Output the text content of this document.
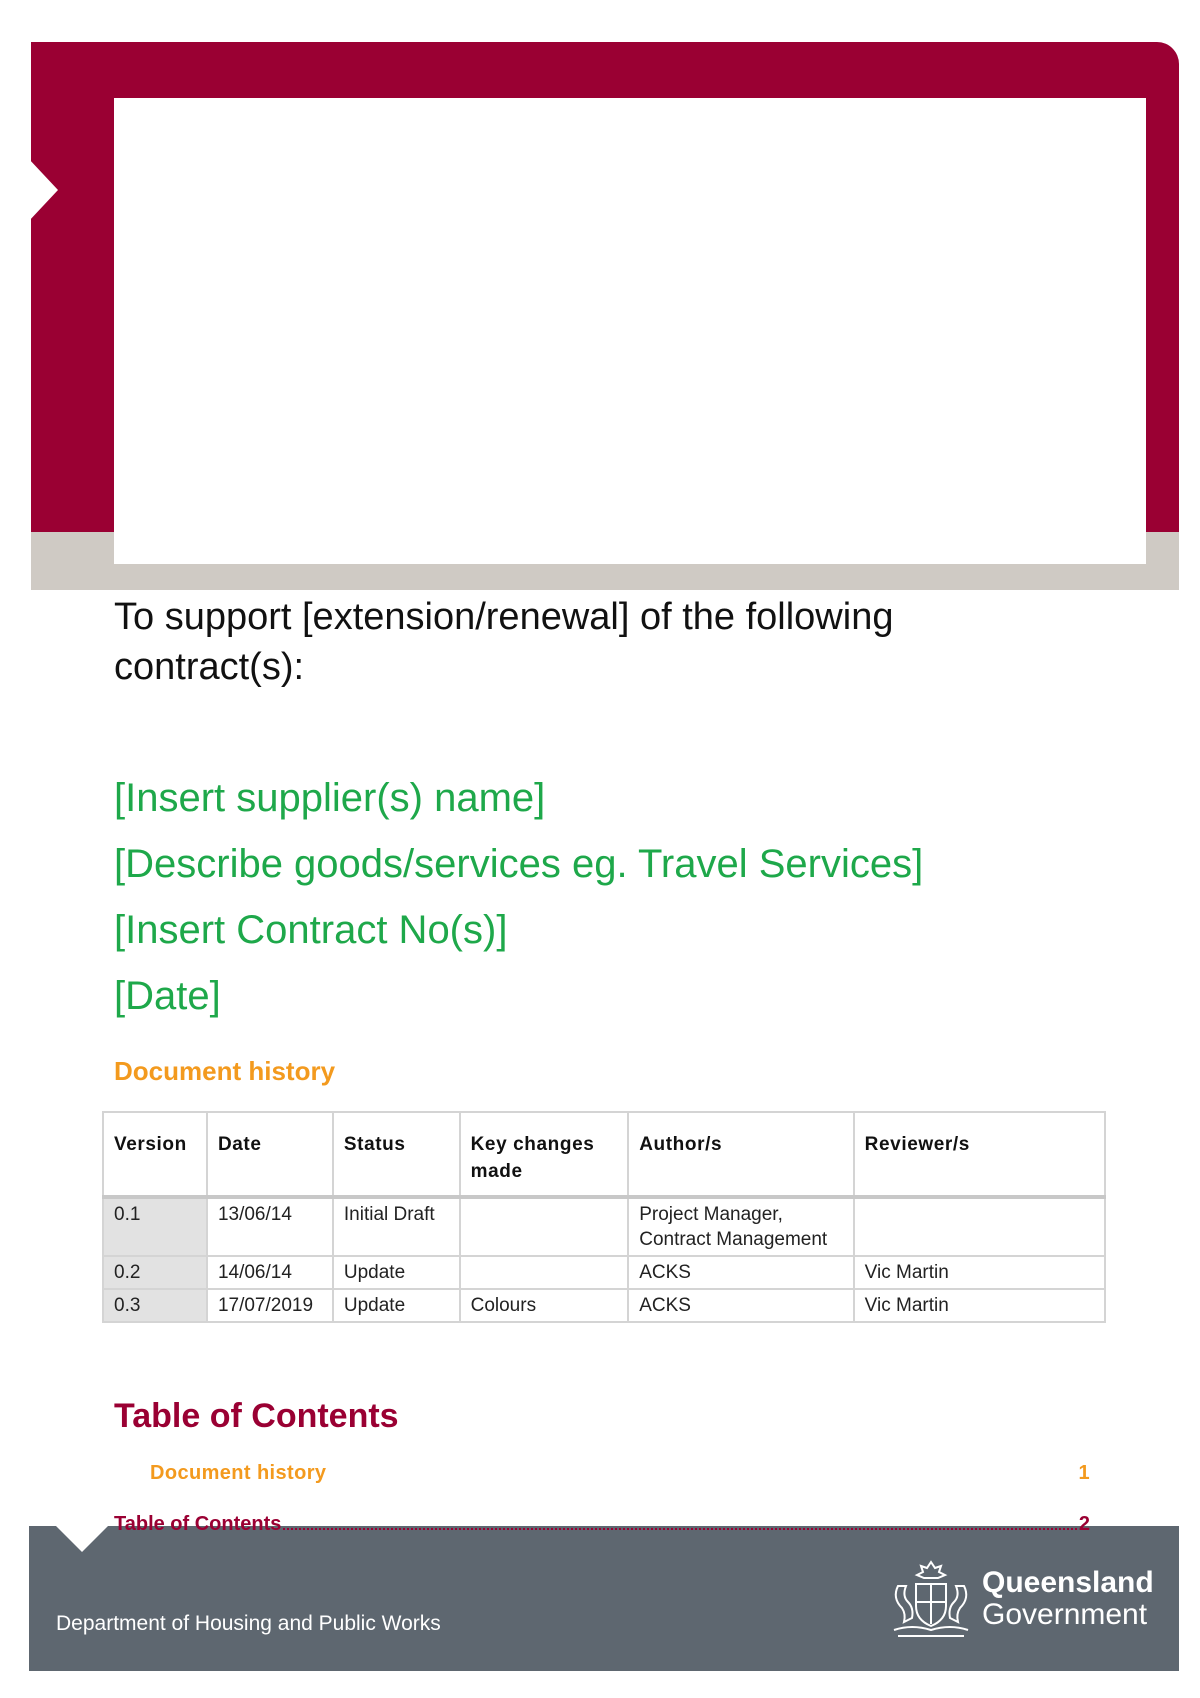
To support [extension/renewal] of the following contract(s):
[Insert supplier(s) name]
[Describe goods/services eg. Travel Services]
[Insert Contract No(s)]
[Date]
Document history
Version	Date	Status	Key changes made	Author/s	Reviewer/s
0.1	13/06/14	Initial Draft		Project Manager, Contract Management	
0.2	14/06/14	Update		ACKS	Vic Martin
0.3	17/07/2019	Update	Colours	ACKS	Vic Martin
Table of Contents
Document history	1
Table of Contents	2
Department of Housing and Public Works
Queensland
Government
